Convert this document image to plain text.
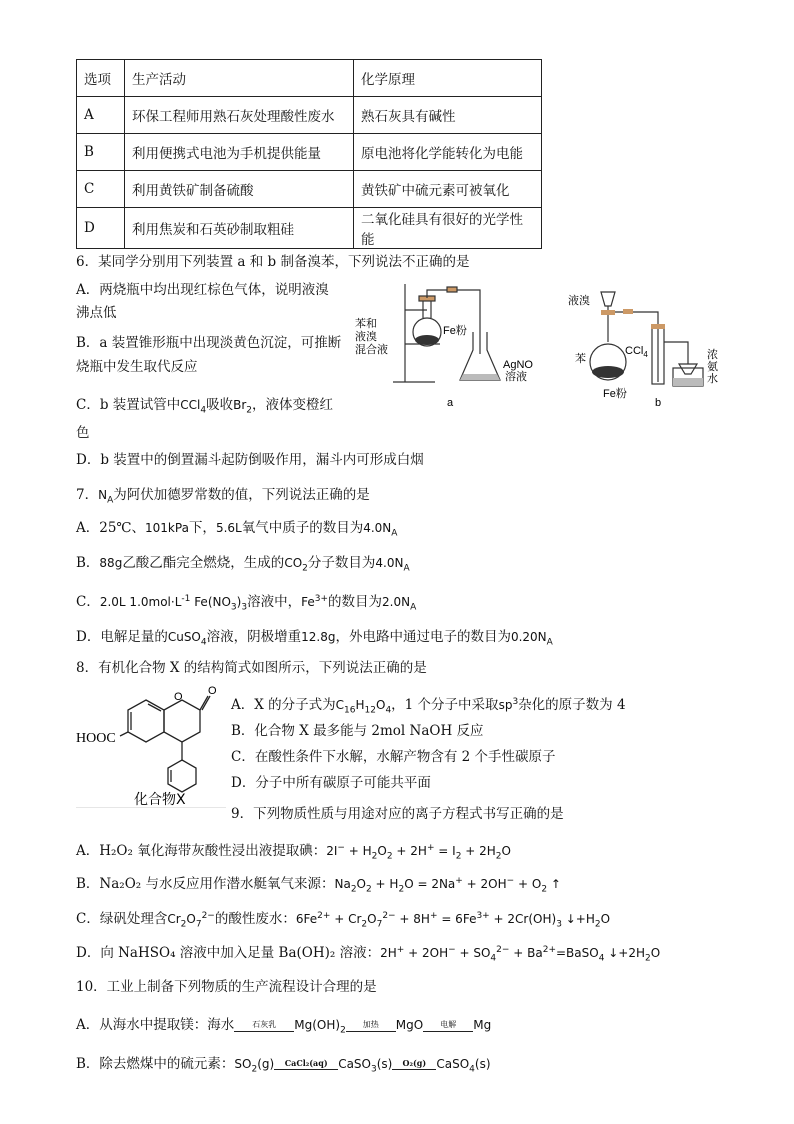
选项	生产活动	化学原理
A	环保工程师用熟石灰处理酸性废水	熟石灰具有碱性
B	利用便携式电池为手机提供能量	原电池将化学能转化为电能
C	利用黄铁矿制备硫酸	黄铁矿中硫元素可被氧化
D	利用焦炭和石英砂制取粗硅	二氧化硅具有很好的光学性能
6．某同学分别用下列装置 a 和 b 制备溴苯，下列说法不正确的是
A．两烧瓶中均出现红棕色气体，说明液溴
沸点低
B．a 装置锥形瓶中出现淡黄色沉淀，可推断
烧瓶中发生取代反应
C．b 装置试管中CCl$_4$吸收$Br_2$，液体变橙红
色
D．b 装置中的倒置漏斗起防倒吸作用，漏斗内可形成白烟
苯和
液溴
混合液
Fe粉
AgNO
溶液
a
液溴
苯
Fe粉
CCl$_4$	浓
氨
水
b
7．$N_A$为阿伏加德罗常数的值，下列说法正确的是
A．25℃、101kPa下，5.6L氧气中质子的数目为$4.0N_A$
B．88g乙酸乙酯完全燃烧，生成的$CO_2$分子数目为$4.0N_A$
C．2.0L $1.0mol\cdot L^{-1}$ $Fe(NO_3)_3$溶液中，$Fe^{3+}$的数目为$2.0N_A$
D．电解足量的CuSO$_4$溶液，阴极增重12.8g，外电路中通过电子的数目为$0.20N_A$
8．有机化合物 X 的结构简式如图所示，下列说法正确的是
O O
HOOC
化合物X
A．X 的分子式为$C_{16}H_{12}O_4$，1 个分子中采取$sp^3$杂化的原子数为 4
B．化合物 X 最多能与 2mol NaOH 反应
C．在酸性条件下水解，水解产物含有 2 个手性碳原子
D．分子中所有碳原子可能共平面
9．下列物质性质与用途对应的离子方程式书写正确的是
A．H₂O₂ 氧化海带灰酸性浸出液提取碘：$2I^- + H_2O_2 + 2H^+ = I_2 + 2H_2O$
B．Na₂O₂ 与水反应用作潜水艇氧气来源：$Na_2O_2 + H_2O = 2Na^+ + 2OH^- + O_2$ ↑
C．绿矾处理含$Cr_2O_7^{2-}$的酸性废水：$6Fe^{2+} + Cr_2O_7^{2-} + 8H^+ = 6Fe^{3+} + 2Cr(OH)_3$ $↓+H_2O$
D．向 NaHSO₄ 溶液中加入足量 Ba(OH)₂ 溶液：$2H^+ + 2OH^- + SO_4^{2-}$ + $Ba^{2+}=BaSO_4$ $↓+2H_2O$
10．工业上制备下列物质的生产流程设计合理的是
A．从海水中提取镁：海水	石灰乳	$Mg(OH)_2$
加热	MgO	电解	Mg
B．除去燃煤中的硫元素：$SO_2(g)$	CaCl₂(aq) CaSO$_3$(s)	O₂(g) CaSO$_4$(s)
